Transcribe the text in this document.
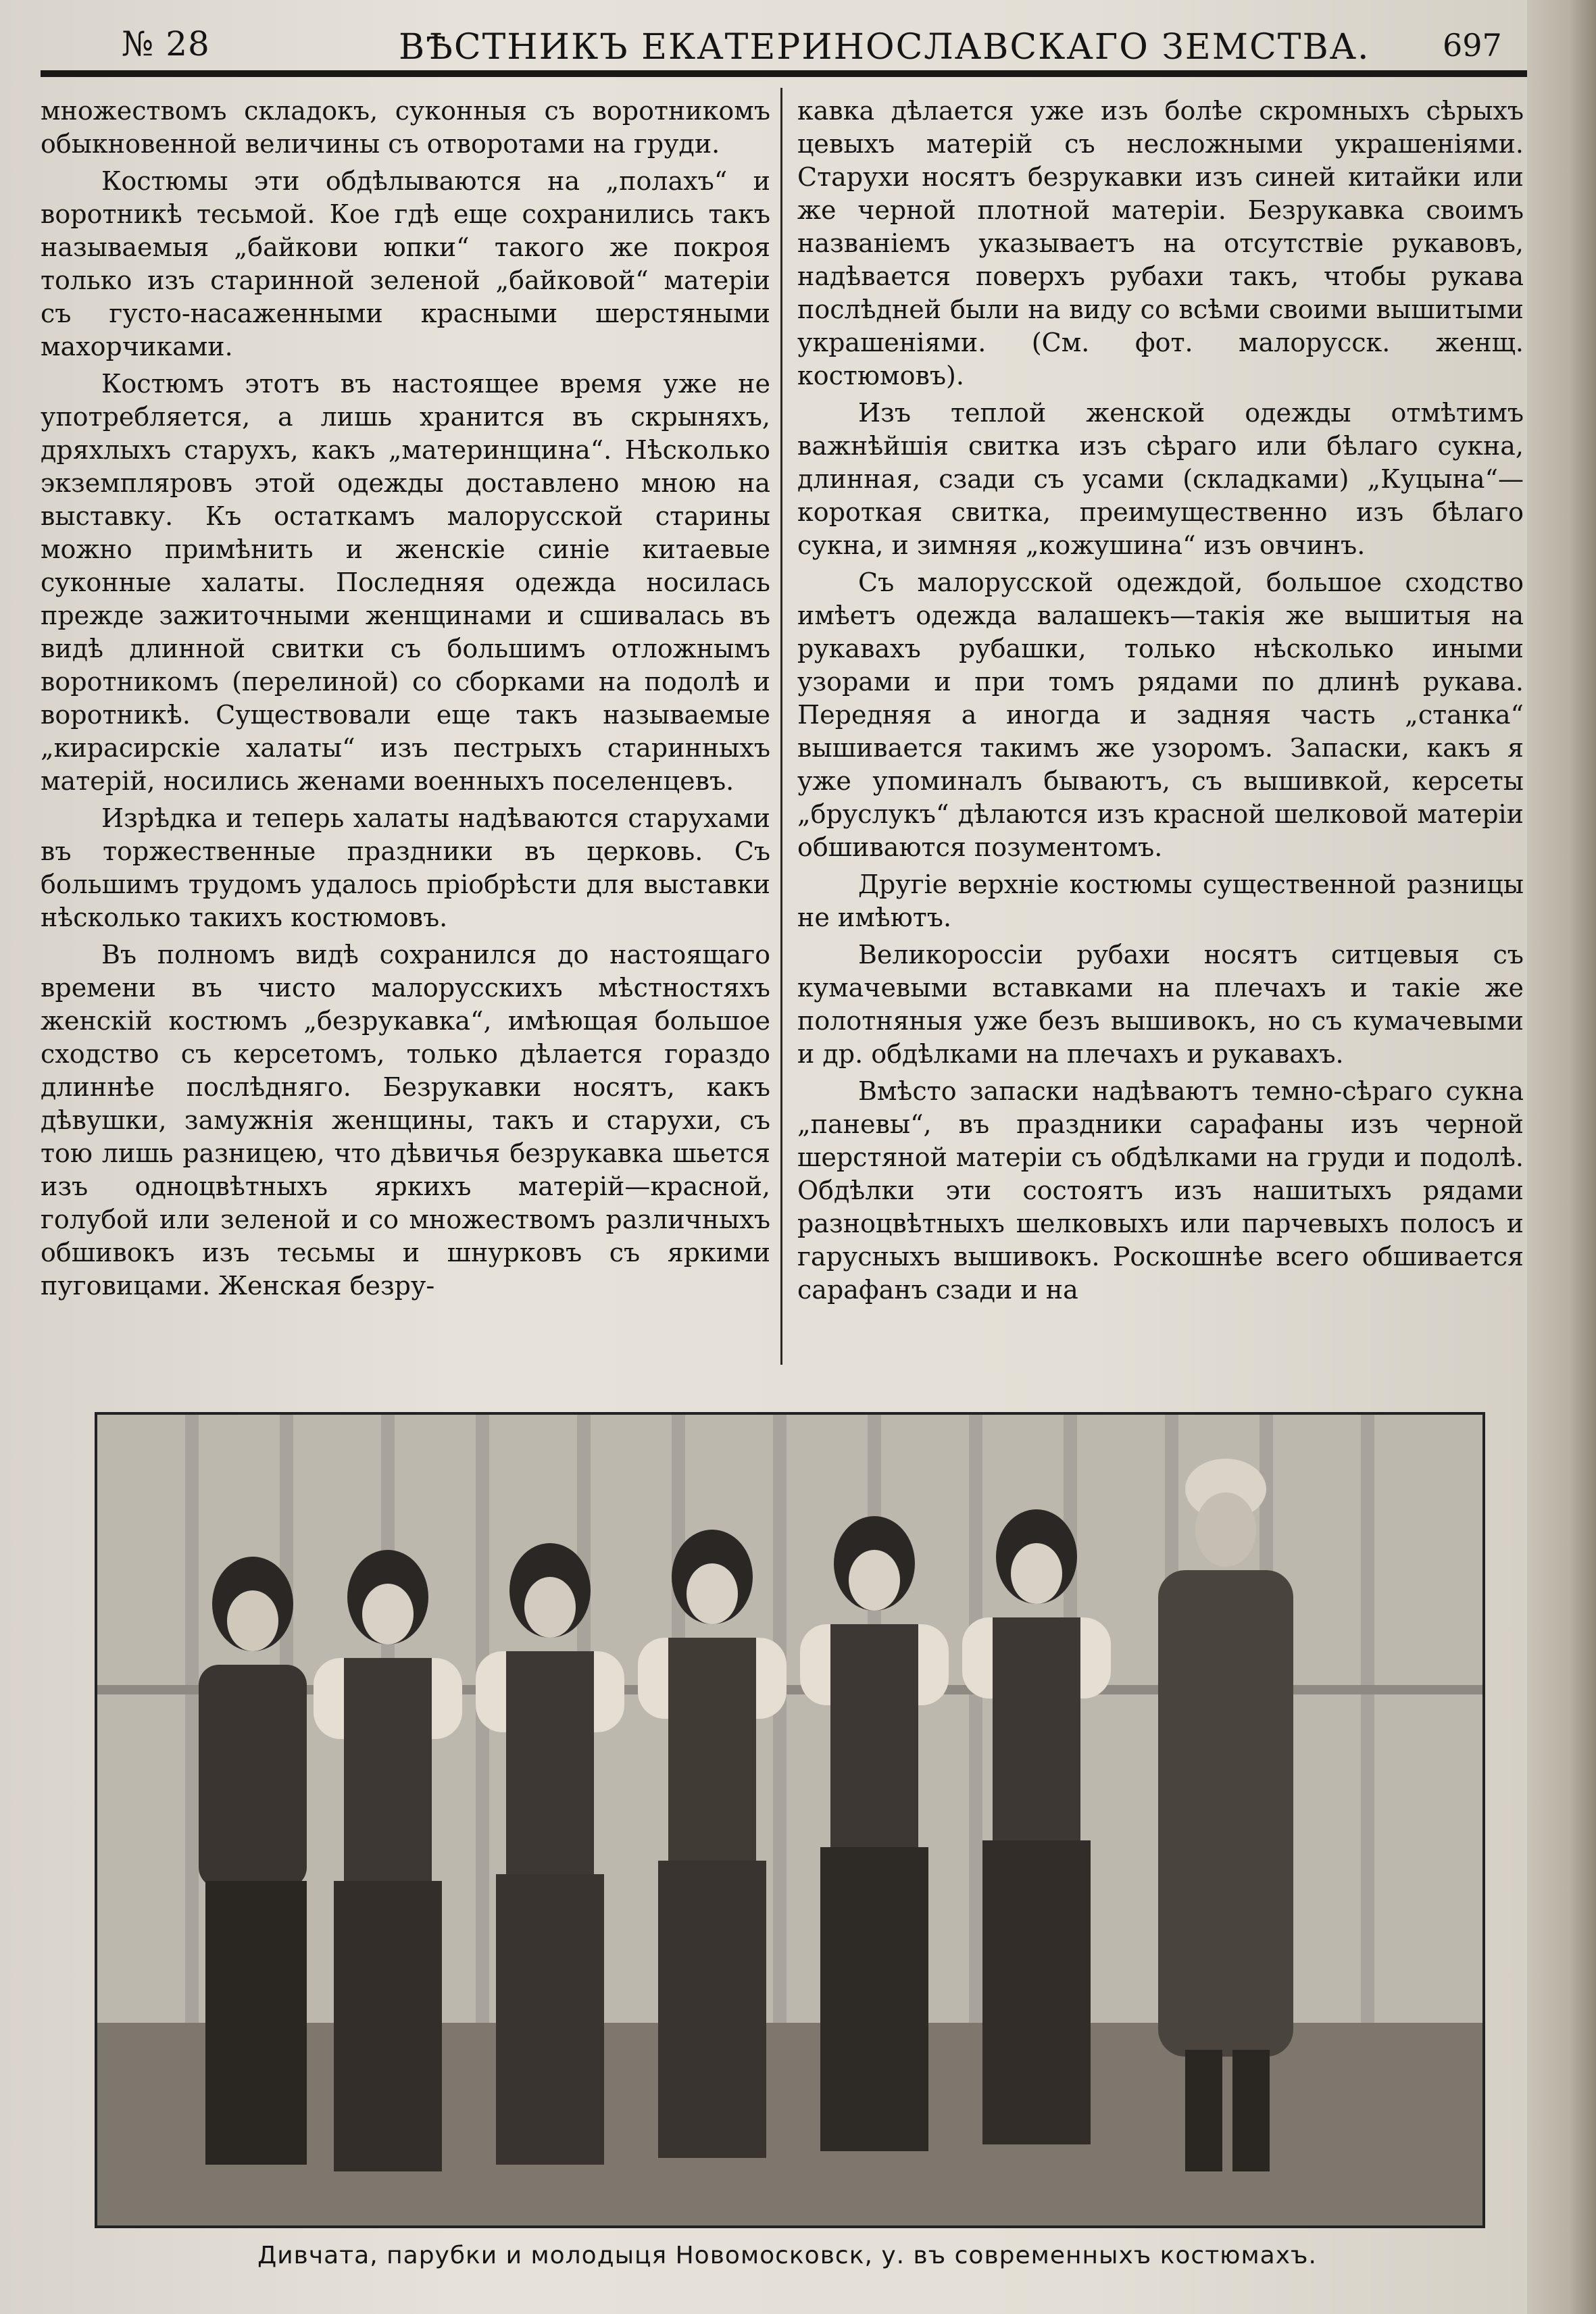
№ 28	ВѢСТНИКЪ ЕКАТЕРИНОСЛАВСКАГО ЗЕМСТВА. 697

множествомъ складокъ, суконныя съ воротникомъ обыкновенной величины съ отворотами на груди.

Костюмы эти обдѣлываются на „полахъ“ и воротникѣ тесьмой. Кое гдѣ еще сохранились такъ называемыя „байкови юпки“ такого же покроя только изъ старинной зеленой „байковой“ матеріи съ густо-насаженными красными шерстяными махорчиками.

Костюмъ этотъ въ настоящее время уже не употребляется, а лишь хранится въ скрыняхъ, дряхлыхъ старухъ, какъ „материнщина“. Нѣсколько экземпляровъ этой одежды доставлено мною на выставку. Къ остаткамъ малорусской старины можно примѣнить и женскіе синіе китаевые суконные халаты. Последняя одежда носилась прежде зажиточными женщинами и сшивалась въ видѣ длинной свитки съ большимъ отложнымъ воротникомъ (перелиной) со сборками на подолѣ и воротникѣ. Существовали еще такъ называемые „кирасирскіе халаты“ изъ пестрыхъ старинныхъ матерій, носились женами военныхъ поселенцевъ.

Изрѣдка и теперь халаты надѣваются старухами въ торжественные праздники въ церковь. Съ большимъ трудомъ удалось пріобрѣсти для выставки нѣсколько такихъ костюмовъ.

Въ полномъ видѣ сохранился до настоящаго времени въ чисто малорусскихъ мѣстностяхъ женскій костюмъ „безрукавка“, имѣющая большое сходство съ керсетомъ, только дѣлается гораздо длиннѣе послѣдняго. Безрукавки носятъ, какъ дѣвушки, замужнія женщины, такъ и старухи, съ тою лишь разницею, что дѣвичья безрукавка шьется изъ одноцвѣтныхъ яркихъ матерій—красной, голубой или зеленой и со множествомъ различныхъ обшивокъ изъ тесьмы и шнурковъ съ яркими пуговицами. Женская безру-

кавка дѣлается уже изъ болѣе скромныхъ сѣрыхъ цевыхъ матерій съ несложными украшеніями. Старухи носятъ безрукавки изъ синей китайки или же черной плотной матеріи. Безрукавка своимъ названіемъ указываетъ на отсутствіе рукавовъ, надѣвается поверхъ рубахи такъ, чтобы рукава послѣдней были на виду со всѣми своими вышитыми украшеніями. (См. фот. малорусск. женщ. костюмовъ).

Изъ теплой женской одежды отмѣтимъ важнѣйшія свитка изъ сѣраго или бѣлаго сукна, длинная, сзади съ усами (складками) „Куцына“— короткая свитка, преимущественно изъ бѣлаго сукна, и зимняя „кожушина“ изъ овчинъ.

Съ малорусской одеждой, большое сходство имѣетъ одежда валашекъ—такія же вышитыя на рукавахъ рубашки, только нѣсколько иными узорами и при томъ рядами по длинѣ рукава. Передняя а иногда и задняя часть „станка“ вышивается такимъ же узоромъ. Запаски, какъ я уже упоминалъ бываютъ, съ вышивкой, керсеты „бруслукъ“ дѣлаются изъ красной шелковой матеріи обшиваются позументомъ.

Другіе верхніе костюмы существенной разницы не имѣютъ.

Великороссіи рубахи носятъ ситцевыя съ кумачевыми вставками на плечахъ и такіе же полотняныя уже безъ вышивокъ, но съ кумачевыми и др. обдѣлками на плечахъ и рукавахъ.

Вмѣсто запаски надѣваютъ темно-сѣраго сукна „паневы“, въ праздники сарафаны изъ черной шерстяной матеріи съ обдѣлками на груди и подолѣ. Обдѣлки эти состоятъ изъ нашитыхъ рядами разноцвѣтныхъ шелковыхъ или парчевыхъ полосъ и гарусныхъ вышивокъ. Роскошнѣе всего обшивается сарафанъ сзади и на

Дивчата, парубки и молодыця Новомосковск, у. въ современныхъ костюмахъ.
